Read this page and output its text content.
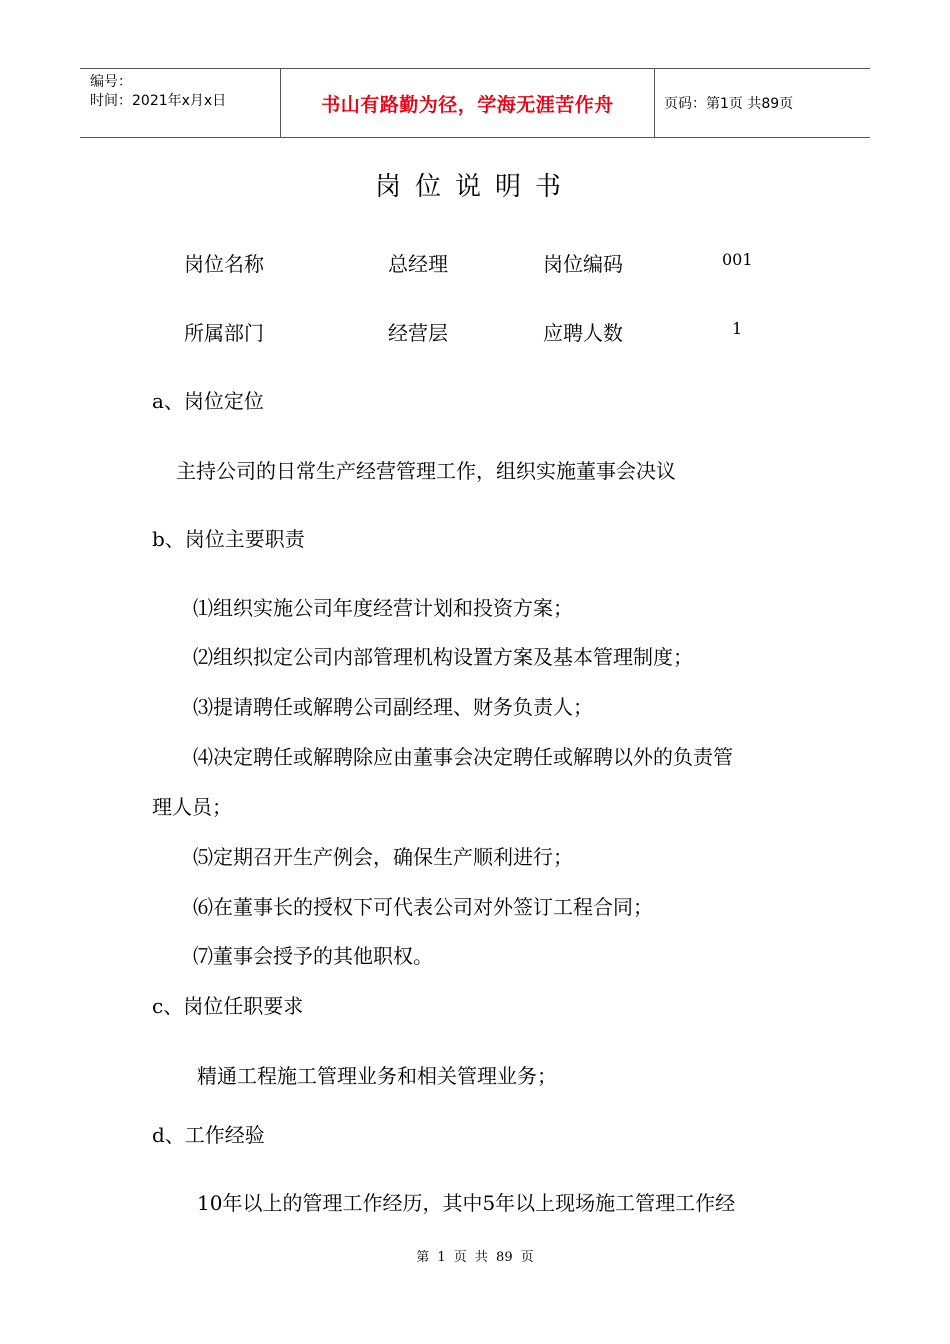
编号：
时间：2021年x月x日	书山有路勤为径，学海无涯苦作舟	页码：第1页 共89页
岗位说明书
岗位名称	总经理	岗位编码	001
所属部门	经营层	应聘人数	1
a、岗位定位
主持公司的日常生产经营管理工作，组织实施董事会决议
b、岗位主要职责
⑴组织实施公司年度经营计划和投资方案；
⑵组织拟定公司内部管理机构设置方案及基本管理制度；
⑶提请聘任或解聘公司副经理、财务负责人；
⑷决定聘任或解聘除应由董事会决定聘任或解聘以外的负责管
理人员；
⑸定期召开生产例会，确保生产顺利进行；
⑹在董事长的授权下可代表公司对外签订工程合同；
⑺董事会授予的其他职权。
c、岗位任职要求
精通工程施工管理业务和相关管理业务；
d、工作经验
10年以上的管理工作经历，其中5年以上现场施工管理工作经
第 1 页 共 89 页
